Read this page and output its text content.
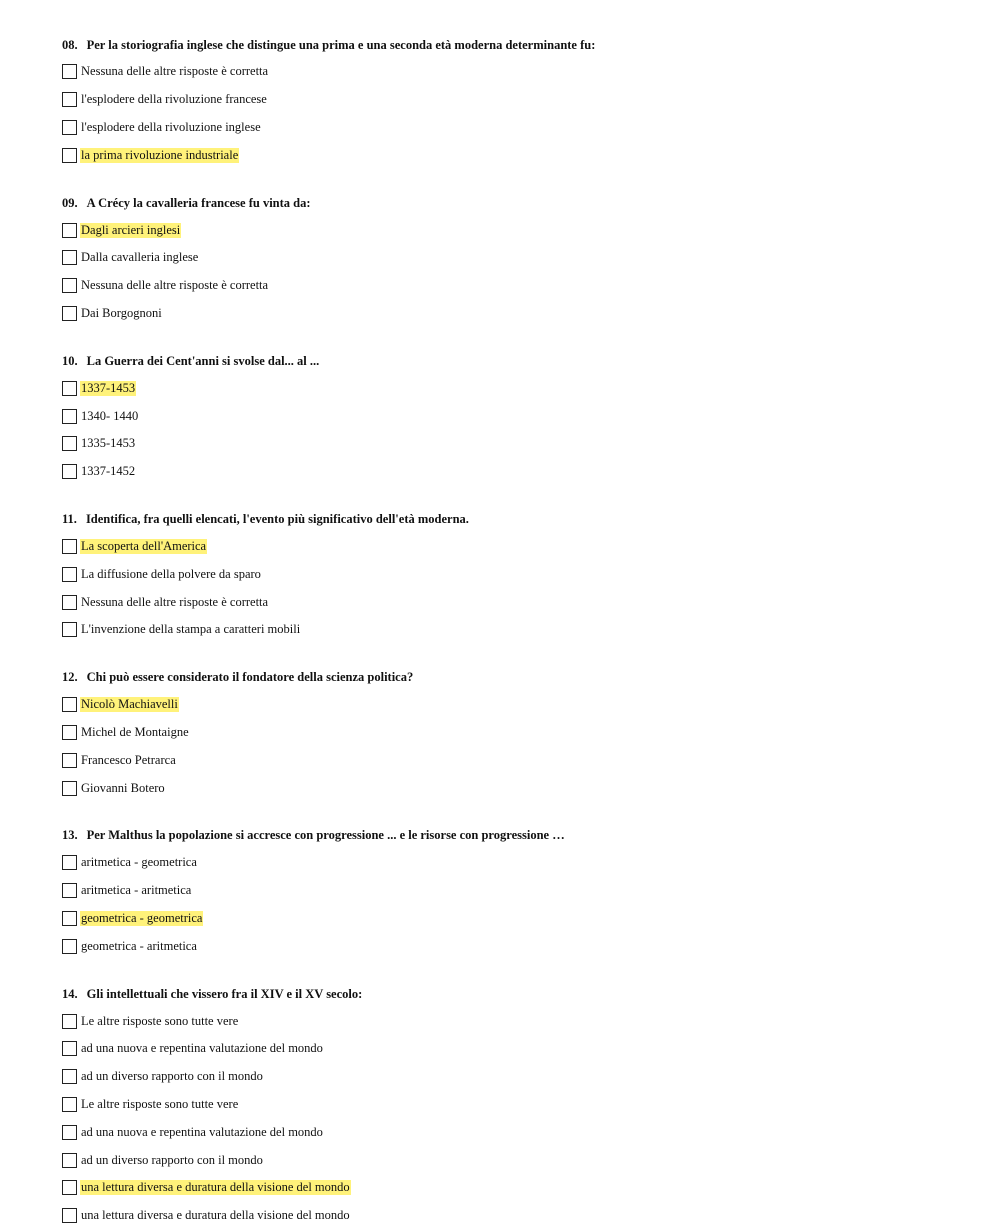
08. Per la storiografia inglese che distingue una prima e una seconda età moderna determinante fu:
Nessuna delle altre risposte è corretta
l'esplodere della rivoluzione francese
l'esplodere della rivoluzione inglese
la prima rivoluzione industriale
09. A Crécy la cavalleria francese fu vinta da:
Dagli arcieri inglesi
Dalla cavalleria inglese
Nessuna delle altre risposte è corretta
Dai Borgognoni
10. La Guerra dei Cent'anni si svolse dal... al ...
1337-1453
1340- 1440
1335-1453
1337-1452
11. Identifica, fra quelli elencati, l'evento più significativo dell'età moderna.
La scoperta dell'America
La diffusione della polvere da sparo
Nessuna delle altre risposte è corretta
L'invenzione della stampa a caratteri mobili
12. Chi può essere considerato il fondatore della scienza politica?
Nicolò Machiavelli
Michel de Montaigne
Francesco Petrarca
Giovanni Botero
13. Per Malthus la popolazione si accresce con progressione ... e le risorse con progressione …
aritmetica - geometrica
aritmetica - aritmetica
geometrica - geometrica
geometrica - aritmetica
14. Gli intellettuali che vissero fra il XIV e il XV secolo:
Le altre risposte sono tutte vere
ad una nuova e repentina valutazione del mondo
ad un diverso rapporto con il mondo
Le altre risposte sono tutte vere
ad una nuova e repentina valutazione del mondo
ad un diverso rapporto con il mondo
una lettura diversa e duratura della visione del mondo
una lettura diversa e duratura della visione del mondo
